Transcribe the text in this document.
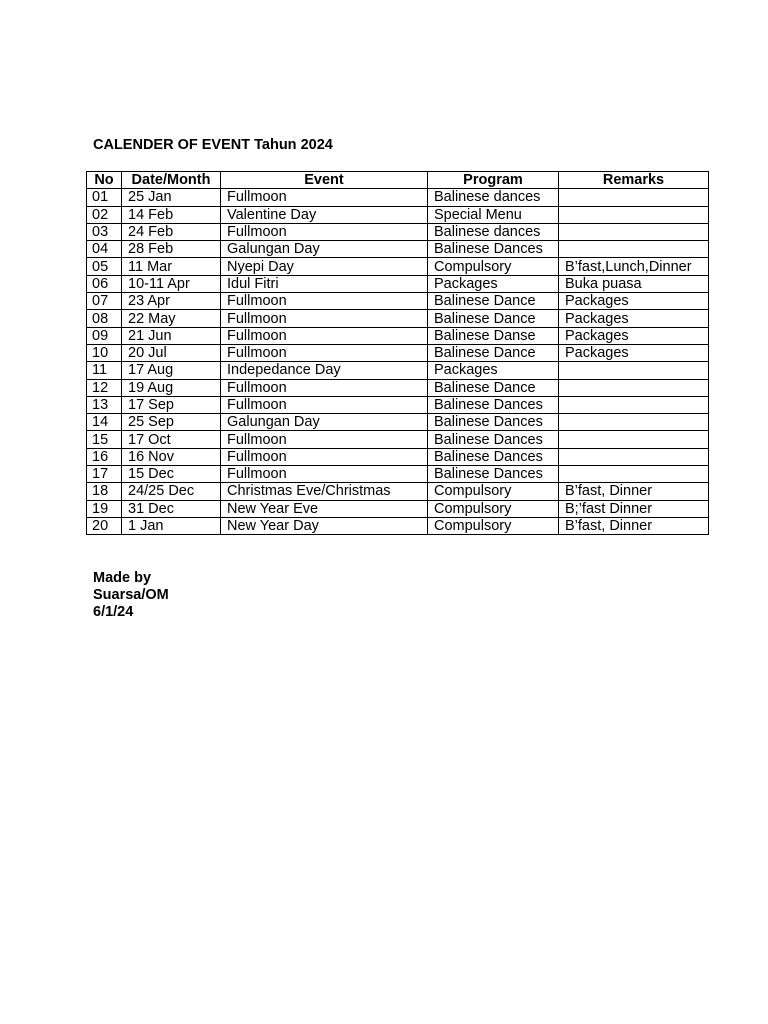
CALENDER OF EVENT Tahun 2024
No	Date/Month	Event	Program	Remarks
01	25 Jan	Fullmoon	Balinese dances	
02	14 Feb	Valentine Day	Special Menu	
03	24 Feb	Fullmoon	Balinese dances	
04	28 Feb	Galungan Day	Balinese Dances	
05	11 Mar	Nyepi Day	Compulsory	B’fast,Lunch,Dinner
06	10-11 Apr	Idul Fitri	Packages	Buka puasa
07	23 Apr	Fullmoon	Balinese Dance	Packages
08	22 May	Fullmoon	Balinese Dance	Packages
09	21 Jun	Fullmoon	Balinese Danse	Packages
10	20 Jul	Fullmoon	Balinese Dance	Packages
11	17 Aug	Indepedance Day	Packages	
12	19 Aug	Fullmoon	Balinese Dance	
13	17 Sep	Fullmoon	Balinese Dances	
14	25 Sep	Galungan Day	Balinese Dances	
15	17 Oct	Fullmoon	Balinese Dances	
16	16 Nov	Fullmoon	Balinese Dances	
17	15 Dec	Fullmoon	Balinese Dances	
18	24/25 Dec	Christmas Eve/Christmas	Compulsory	B’fast, Dinner
19	31 Dec	New Year Eve	Compulsory	B;’fast Dinner
20	1 Jan	New Year Day	Compulsory	B’fast, Dinner
Made by
Suarsa/OM
6/1/24
